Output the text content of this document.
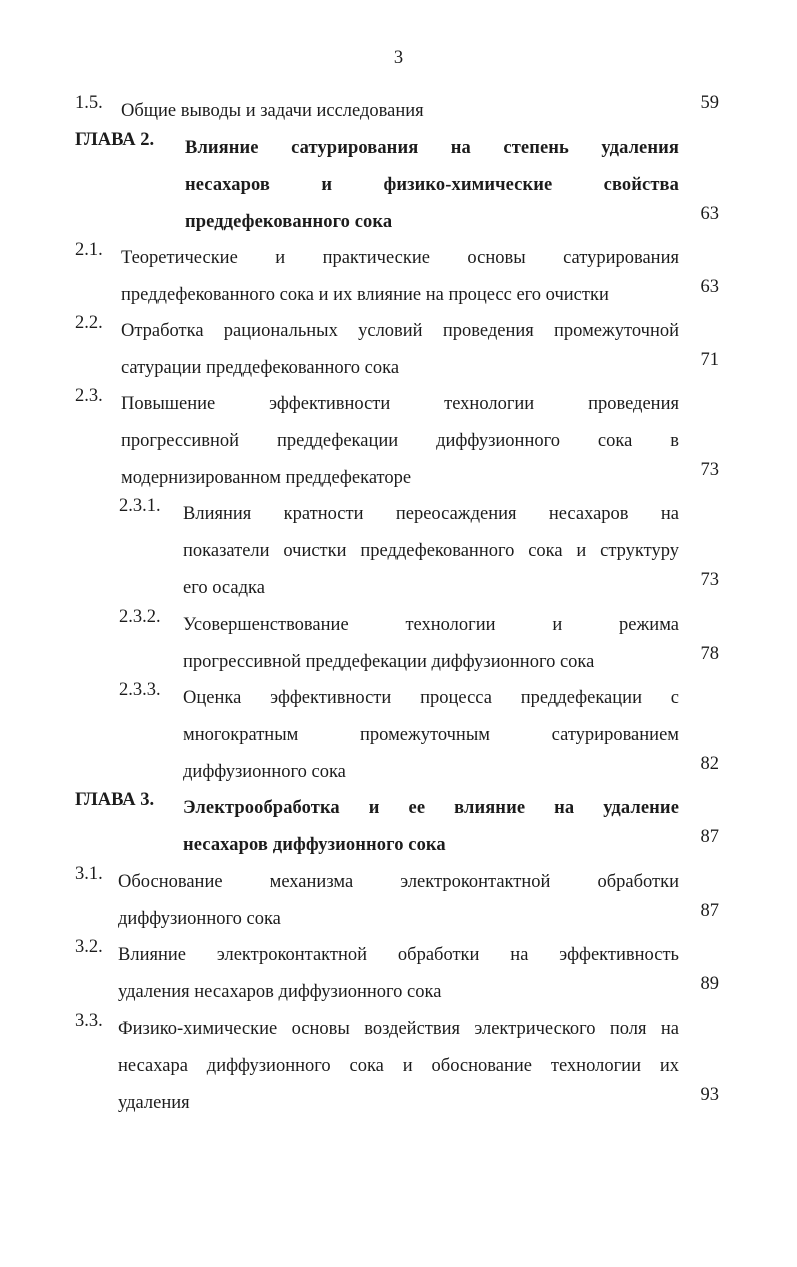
3
1.5. Общие выводы и задачи исследования	59
ГЛАВА 2. Влияние сатурирования на степень удаления
несахаров и физико-химические свойства
преддефекованного сока	63
2.1. Теоретические и практические основы сатурирования
преддефекованного сока и их влияние на процесс его очистки	63
2.2. Отработка рациональных условий проведения промежуточной
сатурации преддефекованного сока	71
2.3. Повышение эффективности технологии проведения
прогрессивной преддефекации диффузионного сока в
модернизированном преддефекаторе	73
2.3.1. Влияния кратности переосаждения несахаров на
показатели очистки преддефекованного сока и структуру
его осадка	73
2.3.2. Усовершенствование технологии и режима
прогрессивной преддефекации диффузионного сока	78
2.3.3. Оценка эффективности процесса преддефекации с
многократным промежуточным сатурированием
диффузионного сока	82
ГЛАВА 3. Электрообработка и ее влияние на удаление
несахаров диффузионного сока	87
3.1. Обоснование механизма электроконтактной обработки
диффузионного сока	87
3.2. Влияние электроконтактной обработки на эффективность
удаления несахаров диффузионного сока	89
3.3. Физико-химические основы воздействия электрического поля на
несахара диффузионного сока и обоснование технологии их
удаления	93
